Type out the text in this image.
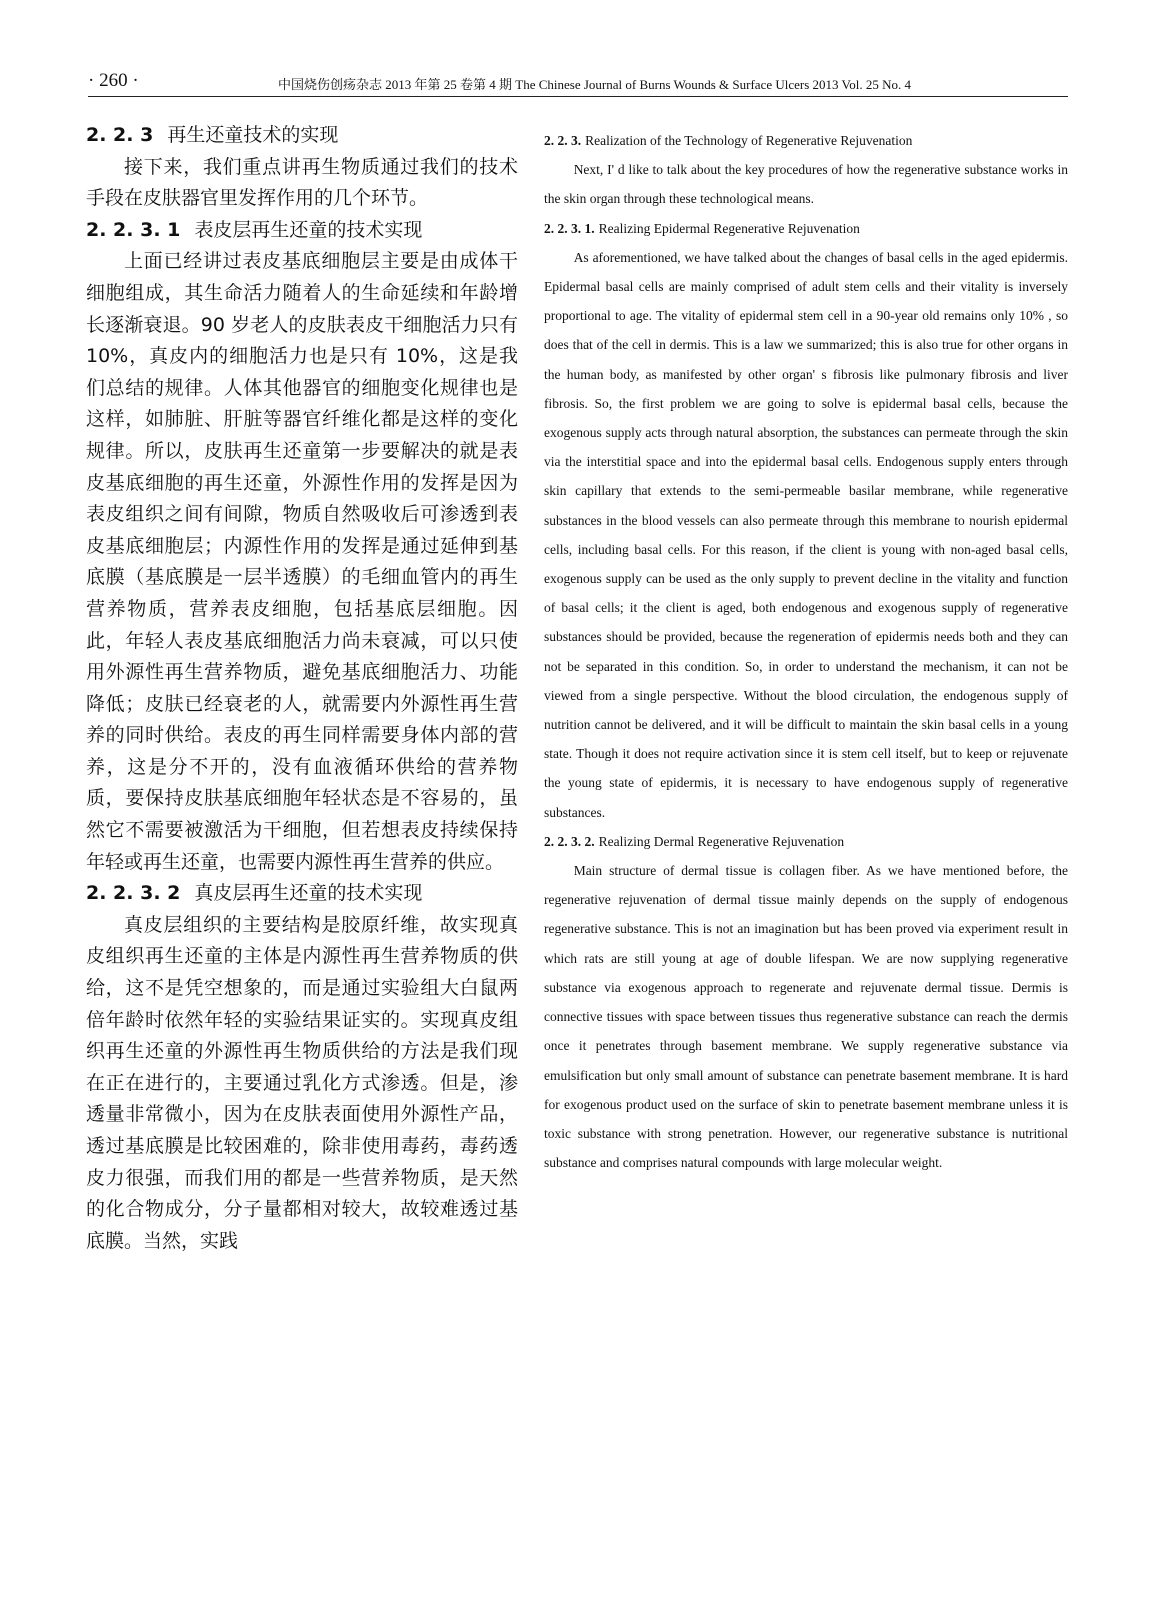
· 260 ·	中国烧伤创疡杂志 2013 年第 25 卷第 4 期 The Chinese Journal of Burns Wounds & Surface Ulcers 2013 Vol. 25 No. 4

2. 2. 3 再生还童技术的实现

接下来，我们重点讲再生物质通过我们的技术手段在皮肤器官里发挥作用的几个环节。

2. 2. 3. 1 表皮层再生还童的技术实现

上面已经讲过表皮基底细胞层主要是由成体干细胞组成，其生命活力随着人的生命延续和年龄增长逐渐衰退。90 岁老人的皮肤表皮干细胞活力只有 10%，真皮内的细胞活力也是只有 10%，这是我们总结的规律。人体其他器官的细胞变化规律也是这样，如肺脏、肝脏等器官纤维化都是这样的变化规律。所以，皮肤再生还童第一步要解决的就是表皮基底细胞的再生还童，外源性作用的发挥是因为表皮组织之间有间隙，物质自然吸收后可渗透到表皮基底细胞层；内源性作用的发挥是通过延伸到基底膜（基底膜是一层半透膜）的毛细血管内的再生营养物质，营养表皮细胞，包括基底层细胞。因此，年轻人表皮基底细胞活力尚未衰减，可以只使用外源性再生营养物质，避免基底细胞活力、功能降低；皮肤已经衰老的人，就需要内外源性再生营养的同时供给。表皮的再生同样需要身体内部的营养，这是分不开的，没有血液循环供给的营养物质，要保持皮肤基底细胞年轻状态是不容易的，虽然它不需要被激活为干细胞，但若想表皮持续保持年轻或再生还童，也需要内源性再生营养的供应。

2. 2. 3. 2 真皮层再生还童的技术实现

真皮层组织的主要结构是胶原纤维，故实现真皮组织再生还童的主体是内源性再生营养物质的供给，这不是凭空想象的，而是通过实验组大白鼠两倍年龄时依然年轻的实验结果证实的。实现真皮组织再生还童的外源性再生物质供给的方法是我们现在正在进行的，主要通过乳化方式渗透。但是，渗透量非常微小，因为在皮肤表面使用外源性产品，透过基底膜是比较困难的，除非使用毒药，毒药透皮力很强，而我们用的都是一些营养物质，是天然的化合物成分，分子量都相对较大，故较难透过基底膜。当然，实践

2. 2. 3. Realization of the Technology of Regenerative Rejuvenation

Next, I' d like to talk about the key procedures of how the regenerative substance works in the skin organ through these technological means.

2. 2. 3. 1. Realizing Epidermal Regenerative Rejuvenation

As aforementioned, we have talked about the changes of basal cells in the aged epidermis. Epidermal basal cells are mainly comprised of adult stem cells and their vitality is inversely proportional to age. The vitality of epidermal stem cell in a 90-year old remains only 10% , so does that of the cell in dermis. This is a law we summarized; this is also true for other organs in the human body, as manifested by other organ' s fibrosis like pulmonary fibrosis and liver fibrosis. So, the first problem we are going to solve is epidermal basal cells, because the exogenous supply acts through natural absorption, the substances can permeate through the skin via the interstitial space and into the epidermal basal cells. Endogenous supply enters through skin capillary that extends to the semi-permeable basilar membrane, while regenerative substances in the blood vessels can also permeate through this membrane to nourish epidermal cells, including basal cells. For this reason, if the client is young with non-aged basal cells, exogenous supply can be used as the only supply to prevent decline in the vitality and function of basal cells; it the client is aged, both endogenous and exogenous supply of regenerative substances should be provided, because the regeneration of epidermis needs both and they can not be separated in this condition. So, in order to understand the mechanism, it can not be viewed from a single perspective. Without the blood circulation, the endogenous supply of nutrition cannot be delivered, and it will be difficult to maintain the skin basal cells in a young state. Though it does not require activation since it is stem cell itself, but to keep or rejuvenate the young state of epidermis, it is necessary to have endogenous supply of regenerative substances.

2. 2. 3. 2. Realizing Dermal Regenerative Rejuvenation

Main structure of dermal tissue is collagen fiber. As we have mentioned before, the regenerative rejuvenation of dermal tissue mainly depends on the supply of endogenous regenerative substance. This is not an imagination but has been proved via experiment result in which rats are still young at age of double lifespan. We are now supplying regenerative substance via exogenous approach to regenerate and rejuvenate dermal tissue. Dermis is connective tissues with space between tissues thus regenerative substance can reach the dermis once it penetrates through basement membrane. We supply regenerative substance via emulsification but only small amount of substance can penetrate basement membrane. It is hard for exogenous product used on the surface of skin to penetrate basement membrane unless it is toxic substance with strong penetration. However, our regenerative substance is nutritional substance and comprises natural compounds with large molecular weight.
